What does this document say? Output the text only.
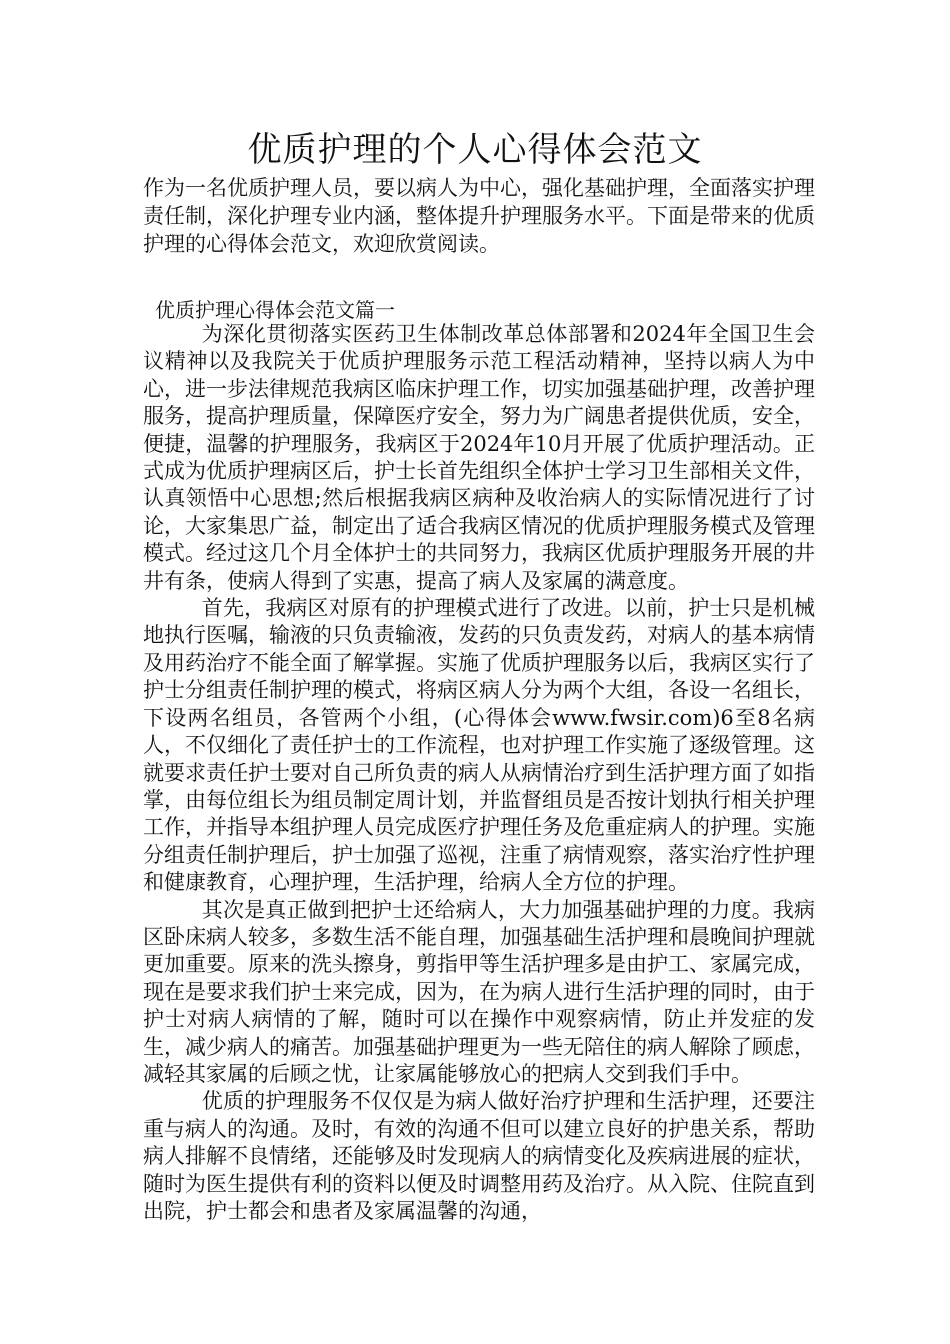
优质护理的个人心得体会范文

作为一名优质护理人员，要以病人为中心，强化基础护理，全面落实护理责任制，深化护理专业内涵，整体提升护理服务水平。下面是带来的优质护理的心得体会范文，欢迎欣赏阅读。

优质护理心得体会范文篇一

为深化贯彻落实医药卫生体制改革总体部署和2024年全国卫生会议精神以及我院关于优质护理服务示范工程活动精神，坚持以病人为中心，进一步法律规范我病区临床护理工作，切实加强基础护理，改善护理服务，提高护理质量，保障医疗安全，努力为广阔患者提供优质，安全，便捷，温馨的护理服务，我病区于2024年10月开展了优质护理活动。正式成为优质护理病区后，护士长首先组织全体护士学习卫生部相关文件，认真领悟中心思想;然后根据我病区病种及收治病人的实际情况进行了讨论，大家集思广益，制定出了适合我病区情况的优质护理服务模式及管理模式。经过这几个月全体护士的共同努力，我病区优质护理服务开展的井井有条，使病人得到了实惠，提高了病人及家属的满意度。

首先，我病区对原有的护理模式进行了改进。以前，护士只是机械地执行医嘱，输液的只负责输液，发药的只负责发药，对病人的基本病情及用药治疗不能全面了解掌握。实施了优质护理服务以后，我病区实行了护士分组责任制护理的模式，将病区病人分为两个大组，各设一名组长，下设两名组员，各管两个小组，(心得体会www.fwsir.com)6至8名病人，不仅细化了责任护士的工作流程，也对护理工作实施了逐级管理。这就要求责任护士要对自己所负责的病人从病情治疗到生活护理方面了如指掌，由每位组长为组员制定周计划，并监督组员是否按计划执行相关护理工作，并指导本组护理人员完成医疗护理任务及危重症病人的护理。实施分组责任制护理后，护士加强了巡视，注重了病情观察，落实治疗性护理和健康教育，心理护理，生活护理，给病人全方位的护理。

其次是真正做到把护士还给病人，大力加强基础护理的力度。我病区卧床病人较多，多数生活不能自理，加强基础生活护理和晨晚间护理就更加重要。原来的洗头擦身，剪指甲等生活护理多是由护工、家属完成，现在是要求我们护士来完成，因为，在为病人进行生活护理的同时，由于护士对病人病情的了解，随时可以在操作中观察病情，防止并发症的发生，减少病人的痛苦。加强基础护理更为一些无陪住的病人解除了顾虑，减轻其家属的后顾之忧，让家属能够放心的把病人交到我们手中。

优质的护理服务不仅仅是为病人做好治疗护理和生活护理，还要注重与病人的沟通。及时，有效的沟通不但可以建立良好的护患关系，帮助病人排解不良情绪，还能够及时发现病人的病情变化及疾病进展的症状，随时为医生提供有利的资料以便及时调整用药及治疗。从入院、住院直到出院，护士都会和患者及家属温馨的沟通，
